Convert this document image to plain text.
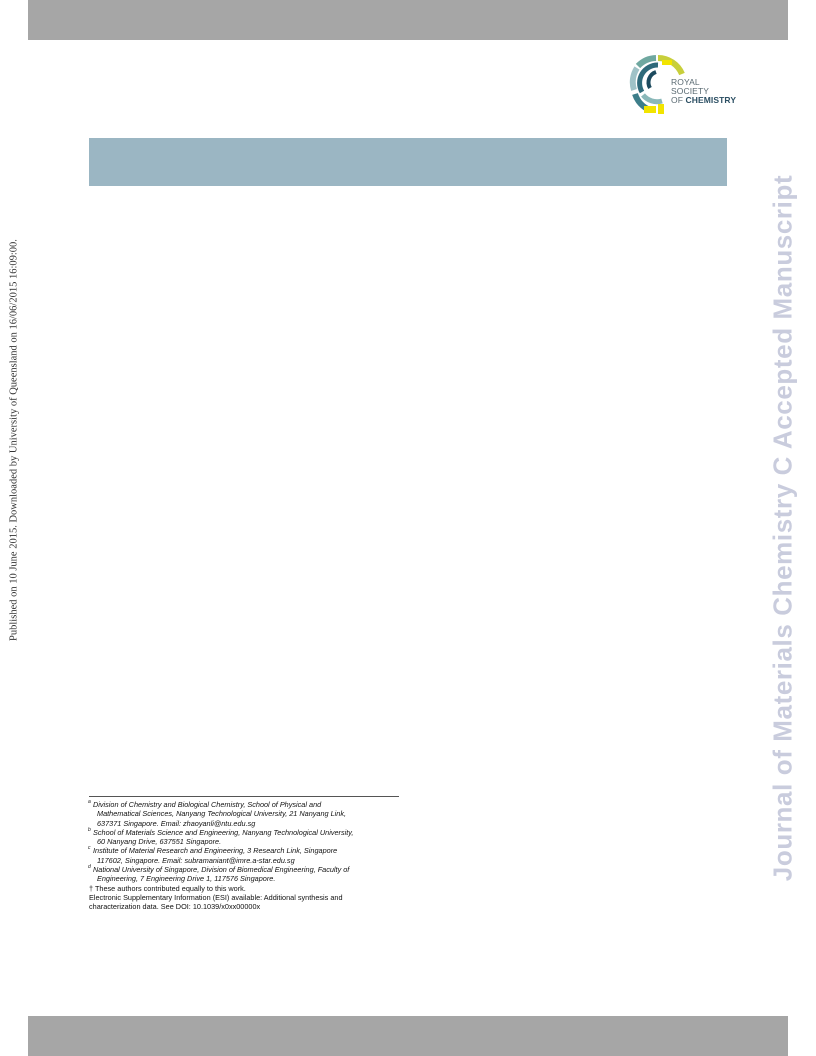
ROYAL SOCIETY
OF CHEMISTRY
Published on 10 June 2015. Downloaded by University of Queensland on 16/06/2015 16:09:00.	Journal of Materials Chemistry C Accepted Manuscript
a Division of Chemistry and Biological Chemistry, School of Physical and
Mathematical Sciences, Nanyang Technological University, 21 Nanyang Link,
637371 Singapore. Email: zhaoyanli@ntu.edu.sg
b School of Materials Science and Engineering, Nanyang Technological University,
60 Nanyang Drive, 637551 Singapore.
c Institute of Material Research and Engineering, 3 Research Link, Singapore
117602, Singapore. Email: subramaniant@imre.a-star.edu.sg
d National University of Singapore, Division of Biomedical Engineering, Faculty of
Engineering, 7 Engineering Drive 1, 117576 Singapore.
† These authors contributed equally to this work.
Electronic Supplementary Information (ESI) available: Additional synthesis and
characterization data. See DOI: 10.1039/x0xx00000x
